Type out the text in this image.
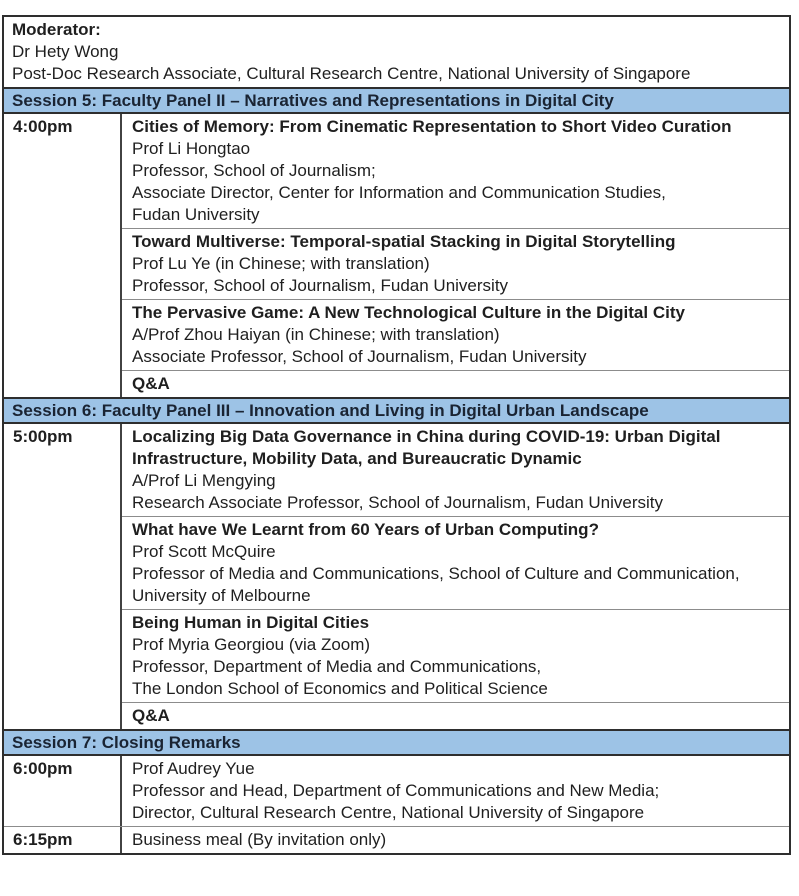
Moderator:
Dr Hety Wong
Post-Doc Research Associate, Cultural Research Centre, National University of Singapore
Session 5: Faculty Panel II – Narratives and Representations in Digital City
4:00pm	Cities of Memory: From Cinematic Representation to Short Video Curation
Prof Li Hongtao
Professor, School of Journalism;
Associate Director, Center for Information and Communication Studies,
Fudan University
Toward Multiverse: Temporal-spatial Stacking in Digital Storytelling
Prof Lu Ye (in Chinese; with translation)
Professor, School of Journalism, Fudan University
The Pervasive Game: A New Technological Culture in the Digital City
A/Prof Zhou Haiyan (in Chinese; with translation)
Associate Professor, School of Journalism, Fudan University
Q&A
Session 6: Faculty Panel III – Innovation and Living in Digital Urban Landscape
5:00pm	Localizing Big Data Governance in China during COVID-19: Urban Digital Infrastructure, Mobility Data, and Bureaucratic Dynamic
A/Prof Li Mengying
Research Associate Professor, School of Journalism, Fudan University
What have We Learnt from 60 Years of Urban Computing?
Prof Scott McQuire
Professor of Media and Communications, School of Culture and Communication,
University of Melbourne
Being Human in Digital Cities
Prof Myria Georgiou (via Zoom)
Professor, Department of Media and Communications,
The London School of Economics and Political Science
Q&A
Session 7: Closing Remarks
6:00pm	Prof Audrey Yue
Professor and Head, Department of Communications and New Media;
Director, Cultural Research Centre, National University of Singapore
6:15pm	Business meal (By invitation only)
